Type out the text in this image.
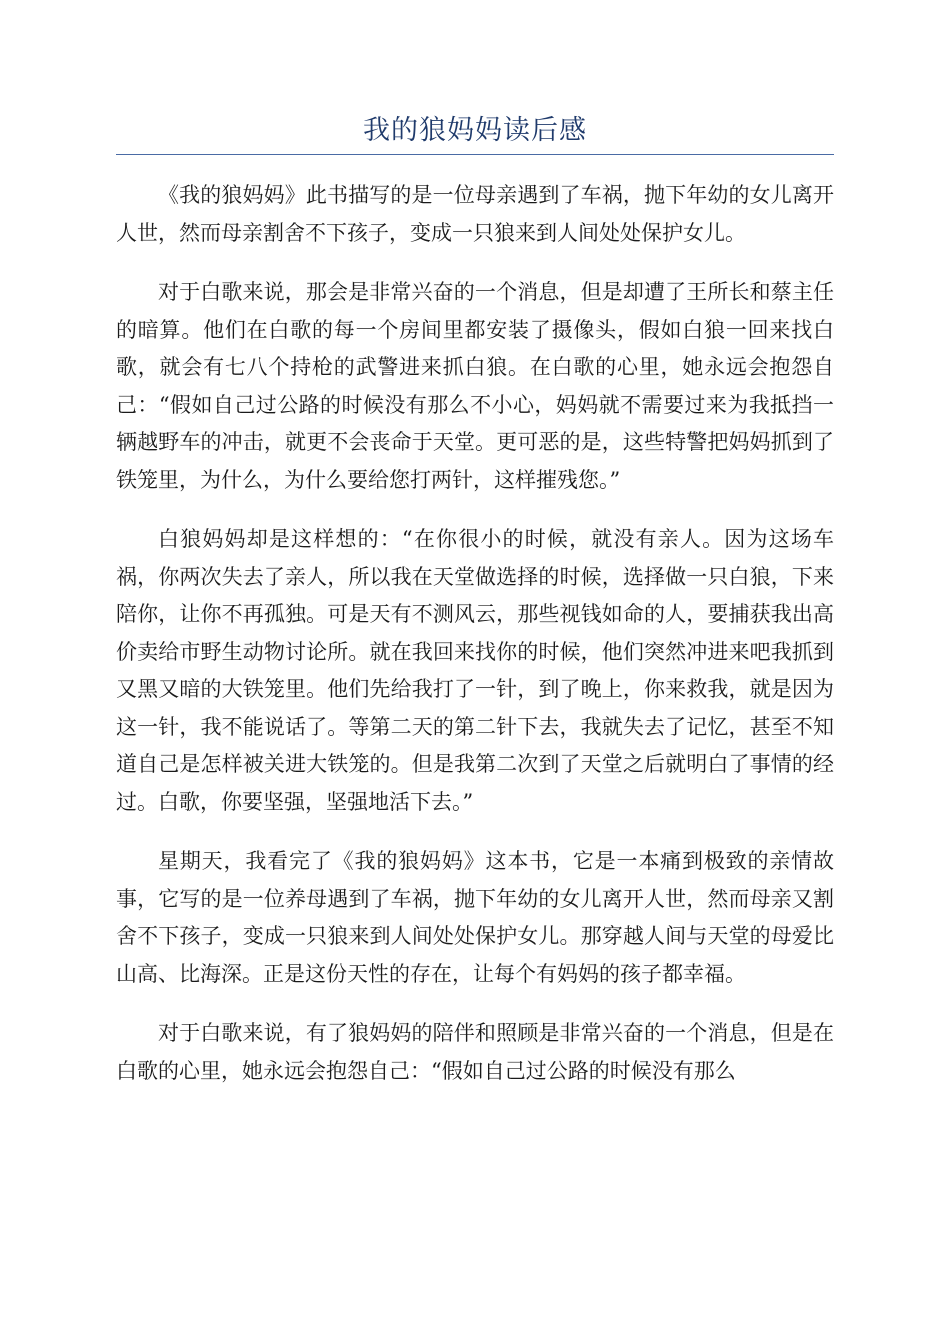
我的狼妈妈读后感

《我的狼妈妈》此书描写的是一位母亲遇到了车祸，抛下年幼的女儿离开人世，然而母亲割舍不下孩子，变成一只狼来到人间处处保护女儿。

对于白歌来说，那会是非常兴奋的一个消息，但是却遭了王所长和蔡主任的暗算。他们在白歌的每一个房间里都安装了摄像头，假如白狼一回来找白歌，就会有七八个持枪的武警进来抓白狼。在白歌的心里，她永远会抱怨自己：“假如自己过公路的时候没有那么不小心，妈妈就不需要过来为我抵挡一辆越野车的冲击，就更不会丧命于天堂。更可恶的是，这些特警把妈妈抓到了铁笼里，为什么，为什么要给您打两针，这样摧残您。”

白狼妈妈却是这样想的：“在你很小的时候，就没有亲人。因为这场车祸，你两次失去了亲人，所以我在天堂做选择的时候，选择做一只白狼，下来陪你，让你不再孤独。可是天有不测风云，那些视钱如命的人，要捕获我出高价卖给市野生动物讨论所。就在我回来找你的时候，他们突然冲进来吧我抓到又黑又暗的大铁笼里。他们先给我打了一针，到了晚上，你来救我，就是因为这一针，我不能说话了。等第二天的第二针下去，我就失去了记忆，甚至不知道自己是怎样被关进大铁笼的。但是我第二次到了天堂之后就明白了事情的经过。白歌，你要坚强，坚强地活下去。”

星期天，我看完了《我的狼妈妈》这本书，它是一本痛到极致的亲情故事，它写的是一位养母遇到了车祸，抛下年幼的女儿离开人世，然而母亲又割舍不下孩子，变成一只狼来到人间处处保护女儿。那穿越人间与天堂的母爱比山高、比海深。正是这份天性的存在，让每个有妈妈的孩子都幸福。

对于白歌来说，有了狼妈妈的陪伴和照顾是非常兴奋的一个消息，但是在白歌的心里，她永远会抱怨自己：“假如自己过公路的时候没有那么
